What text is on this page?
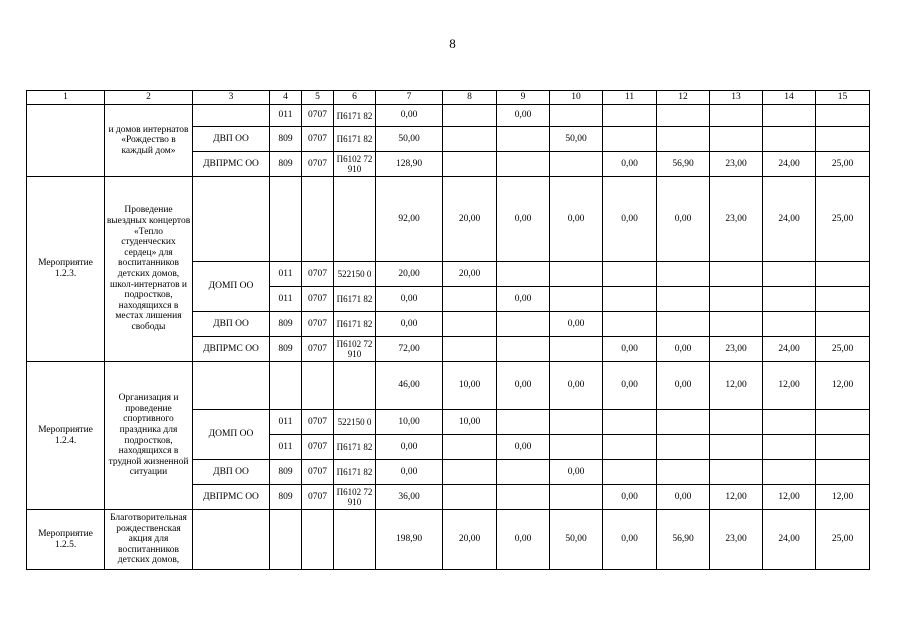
8
1	2	3	4	5	6	7	8	9	10	11	12	13	14	15
	и домов интернатов «Рождество в каждый дом»		011	0707	П6171 82	0,00		0,00						
		ДВП ОО	809	0707	П6171 82	50,00			50,00					
		ДВПРМС ОО	809	0707	П6102 72910	128,90				0,00	56,90	23,00	24,00	25,00
Мероприятие 1.2.3.	Проведение выездных концертов «Тепло студенческих сердец» для воспитанников детских домов, школ-интернатов и подростков, находящихся в местах лишения свободы					92,00	20,00	0,00	0,00	0,00	0,00	23,00	24,00	25,00
		ДОМП ОО	011	0707	522150 0	20,00	20,00							
			011	0707	П6171 82	0,00		0,00						
		ДВП ОО	809	0707	П6171 82	0,00			0,00					
		ДВПРМС ОО	809	0707	П6102 72910	72,00				0,00	0,00	23,00	24,00	25,00
Мероприятие 1.2.4.	Организация и проведение спортивного праздника для подростков, находящихся в трудной жизненной ситуации					46,00	10,00	0,00	0,00	0,00	0,00	12,00	12,00	12,00
		ДОМП ОО	011	0707	522150 0	10,00	10,00							
			011	0707	П6171 82	0,00		0,00						
		ДВП ОО	809	0707	П6171 82	0,00			0,00					
		ДВПРМС ОО	809	0707	П6102 72910	36,00				0,00	0,00	12,00	12,00	12,00
Мероприятие 1.2.5.	Благотворительная рождественская акция для воспитанников детских домов,					198,90	20,00	0,00	50,00	0,00	56,90	23,00	24,00	25,00
